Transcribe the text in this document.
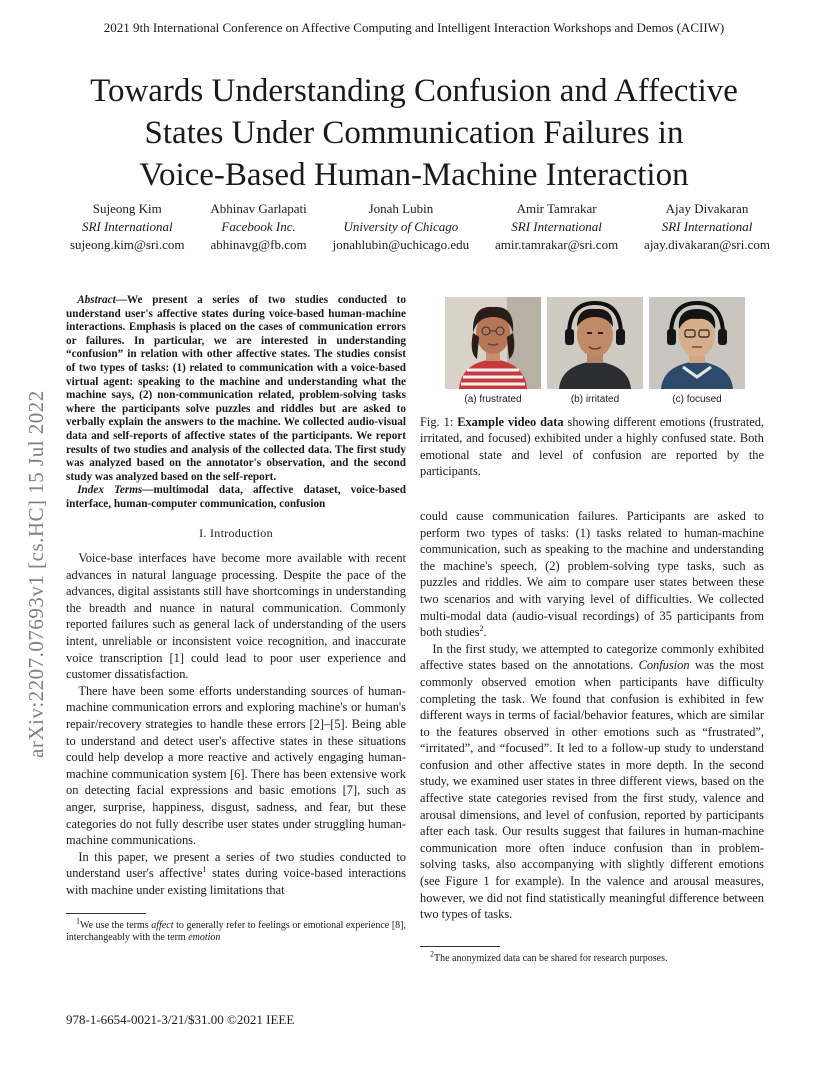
2021 9th International Conference on Affective Computing and Intelligent Interaction Workshops and Demos (ACIIW)
Towards Understanding Confusion and Affective
States Under Communication Failures in
Voice-Based Human-Machine Interaction
Sujeong Kim
SRI International
sujeong.kim@sri.com
Abhinav Garlapati
Facebook Inc.
abhinavg@fb.com
Jonah Lubin
University of Chicago
jonahlubin@uchicago.edu
Amir Tamrakar
SRI International
amir.tamrakar@sri.com
Ajay Divakaran
SRI International
ajay.divakaran@sri.com
arXiv:2207.07693v1 [cs.HC] 15 Jul 2022

Abstract—We present a series of two studies conducted to understand user's affective states during voice-based human-machine interactions. Emphasis is placed on the cases of communication errors or failures. In particular, we are interested in understanding “confusion” in relation with other affective states. The studies consist of two types of tasks: (1) related to communication with a voice-based virtual agent: speaking to the machine and understanding what the machine says, (2) non-communication related, problem-solving tasks where the participants solve puzzles and riddles but are asked to verbally explain the answers to the machine. We collected audio-visual data and self-reports of affective states of the participants. We report results of two studies and analysis of the collected data. The first study was analyzed based on the annotator's observation, and the second study was analyzed based on the self-report.

Index Terms—multimodal data, affective dataset, voice-based interface, human-computer communication, confusion

I. Introduction

Voice-base interfaces have become more available with recent advances in natural language processing. Despite the pace of the advances, digital assistants still have shortcomings in understanding the breadth and nuance in natural communication. Commonly reported failures such as general lack of understanding of the users intent, unreliable or inconsistent voice recognition, and inaccurate voice transcription [1] could lead to poor user experience and customer dissatisfaction.

There have been some efforts understanding sources of human-machine communication errors and exploring machine's or human's repair/recovery strategies to handle these errors [2]–[5]. Being able to understand and detect user's affective states in these situations could help develop a more reactive and actively engaging human-machine communication system [6]. There has been extensive work on detecting facial expressions and basic emotions [7], such as anger, surprise, happiness, disgust, sadness, and fear, but these categories do not fully describe user states under struggling human-machine communications.

In this paper, we present a series of two studies conducted to understand user's affective$^1$ states during voice-based interactions with machine under existing limitations that

$^1$We use the terms affect to generally refer to feelings or emotional experience [8], interchangeably with the term emotion

978-1-6654-0021-3/21/$31.00 ©2021 IEEE
(a) frustrated	(b) irritated	(c) focused

Fig. 1: Example video data showing different emotions (frustrated, irritated, and focused) exhibited under a highly confused state. Both emotional state and level of confusion are reported by the participants.

could cause communication failures. Participants are asked to perform two types of tasks: (1) tasks related to human-machine communication, such as speaking to the machine and understanding the machine's speech, (2) problem-solving type tasks, such as puzzles and riddles. We aim to compare user states between these two scenarios and with varying level of difficulties. We collected multi-modal data (audio-visual recordings) of 35 participants from both studies$^2$.

In the first study, we attempted to categorize commonly exhibited affective states based on the annotations. Confusion was the most commonly observed emotion when participants have difficulty completing the task. We found that confusion is exhibited in few different ways in terms of facial/behavior features, which are similar to the features observed in other emotions such as “frustrated”, “irritated”, and “focused”. It led to a follow-up study to understand confusion and other affective states in more depth. In the second study, we examined user states in three different views, based on the affective state categories revised from the first study, valence and arousal dimensions, and level of confusion, reported by participants after each task. Our results suggest that failures in human-machine communication more often induce confusion than in problem-solving tasks, also accompanying with slightly different emotions (see Figure 1 for example). In the valence and arousal measures, however, we did not find statistically meaningful difference between two types of tasks.

$^2$The anonymized data can be shared for research purposes.
